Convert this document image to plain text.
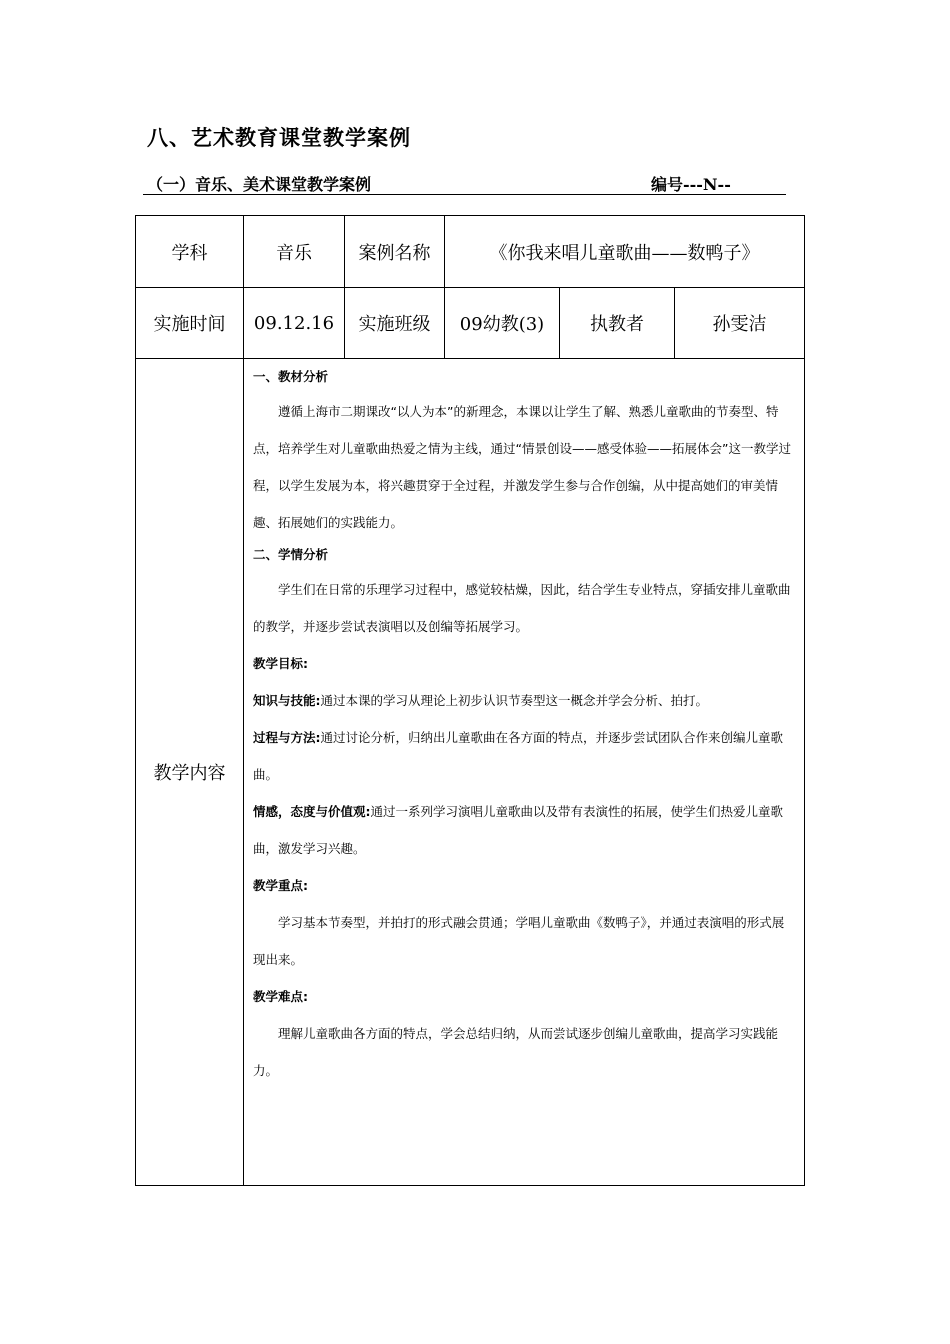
八、艺术教育课堂教学案例
（一）音乐、美术课堂教学案例	编号---N--
学科	音乐	案例名称	《你我来唱儿童歌曲——数鸭子》
实施时间	09.12.16	实施班级	09幼教(3)	执教者	孙雯洁
教学内容
一、教材分析
遵循上海市二期课改“以人为本”的新理念，本课以让学生了解、熟悉儿童歌曲的节奏型、特点，培养学生对儿童歌曲热爱之情为主线，通过“情景创设——感受体验——拓展体会”这一教学过程，以学生发展为本，将兴趣贯穿于全过程，并激发学生参与合作创编，从中提高她们的审美情趣、拓展她们的实践能力。
二、学情分析
学生们在日常的乐理学习过程中，感觉较枯燥，因此，结合学生专业特点，穿插安排儿童歌曲的教学，并逐步尝试表演唱以及创编等拓展学习。
教学目标:
知识与技能:通过本课的学习从理论上初步认识节奏型这一概念并学会分析、拍打。
过程与方法:通过讨论分析，归纳出儿童歌曲在各方面的特点，并逐步尝试团队合作来创编儿童歌曲。
情感，态度与价值观:通过一系列学习演唱儿童歌曲以及带有表演性的拓展，使学生们热爱儿童歌曲，激发学习兴趣。
教学重点:
学习基本节奏型，并拍打的形式融会贯通；学唱儿童歌曲《数鸭子》，并通过表演唱的形式展现出来。
教学难点:
理解儿童歌曲各方面的特点，学会总结归纳，从而尝试逐步创编儿童歌曲，提高学习实践能力。
